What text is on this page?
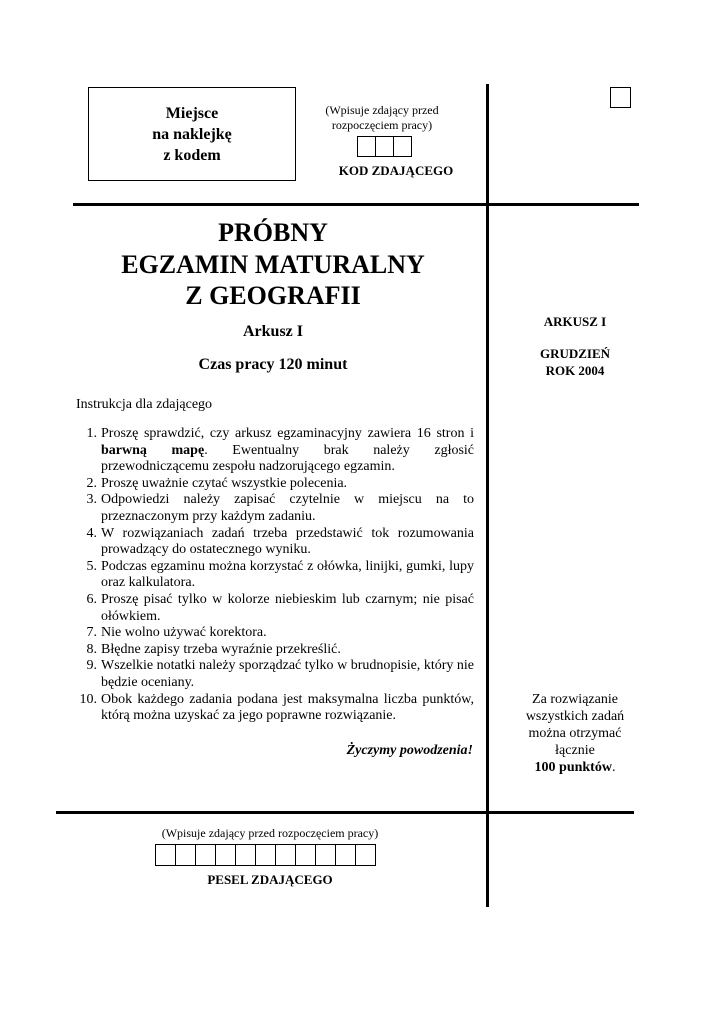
Miejsce
na naklejkę
z kodem
(Wpisuje zdający przed
rozpoczęciem pracy)
KOD ZDAJĄCEGO
PRÓBNY
EGZAMIN MATURALNY
Z GEOGRAFII
Arkusz I
Czas pracy 120 minut
Instrukcja dla zdającego
1. Proszę sprawdzić, czy arkusz egzaminacyjny zawiera 16 stron i barwną mapę. Ewentualny brak należy zgłosić przewodniczącemu zespołu nadzorującego egzamin.
2. Proszę uważnie czytać wszystkie polecenia.
3. Odpowiedzi należy zapisać czytelnie w miejscu na to przeznaczonym przy każdym zadaniu.
4. W rozwiązaniach zadań trzeba przedstawić tok rozumowania prowadzący do ostatecznego wyniku.
5. Podczas egzaminu można korzystać z ołówka, linijki, gumki, lupy oraz kalkulatora.
6. Proszę pisać tylko w kolorze niebieskim lub czarnym; nie pisać ołówkiem.
7. Nie wolno używać korektora.
8. Błędne zapisy trzeba wyraźnie przekreślić.
9. Wszelkie notatki należy sporządzać tylko w brudnopisie, który nie będzie oceniany.
10. Obok każdego zadania podana jest maksymalna liczba punktów, którą można uzyskać za jego poprawne rozwiązanie.
Życzymy powodzenia!
ARKUSZ I
GRUDZIEŃ
ROK 2004
Za rozwiązanie
wszystkich zadań
można otrzymać
łącznie
100 punktów.
(Wpisuje zdający przed rozpoczęciem pracy)
PESEL ZDAJĄCEGO
